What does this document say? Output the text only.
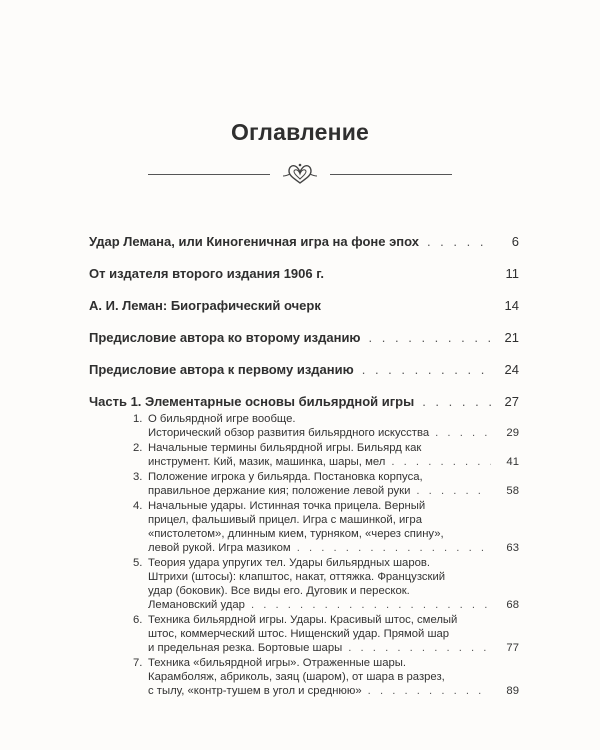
Оглавление
Удар Лемана, или Киногеничная игра на фоне эпох . . .	6
От издателя второго издания 1906 г.	11
А. И. Леман: Биографический очерк	14
Предисловие автора ко второму изданию . . .	21
Предисловие автора к первому изданию . . .	24
Часть 1. Элементарные основы бильярдной игры . . .	27
1. О бильярдной игре вообще.
Исторический обзор развития бильярдного искусства . . .	29
2. Начальные термины бильярдной игры. Бильярд как
инструмент. Кий, мазик, машинка, шары, мел . . .	41
3. Положение игрока у бильярда. Постановка корпуса,
правильное держание кия; положение левой руки . . .	58
4. Начальные удары. Истинная точка прицела. Верный
прицел, фальшивый прицел. Игра с машинкой, игра
«пистолетом», длинным кием, турняком, «через спину»,
левой рукой. Игра мазиком . . .	63
5. Теория удара упругих тел. Удары бильярдных шаров.
Штрихи (штосы): клапштос, накат, оттяжка. Французский
удар (боковик). Все виды его. Дуговик и перескок.
Лемановский удар . . .	68
6. Техника бильярдной игры. Удары. Красивый штос, смелый
штос, коммерческий штос. Нищенский удар. Прямой шар
и предельная резка. Бортовые шары . . .	77
7. Техника «бильярдной игры». Отраженные шары.
Карамболяж, абриколь, заяц (шаром), от шара в разрез,
с тылу, «контр-тушем в угол и среднюю» . . .	89
